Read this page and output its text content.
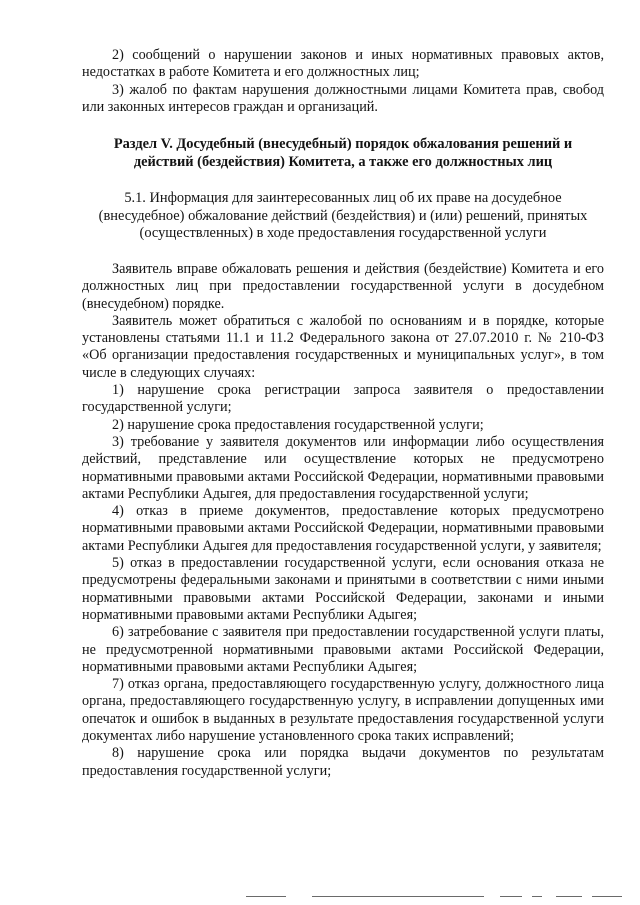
2) сообщений о нарушении законов и иных нормативных правовых актов, недостатках в работе Комитета и его должностных лиц;

3) жалоб по фактам нарушения должностными лицами Комитета прав, свобод или законных интересов граждан и организаций.

Раздел V. Досудебный (внесудебный) порядок обжалования решений и действий (бездействия) Комитета, а также его должностных лиц

5.1. Информация для заинтересованных лиц об их праве на досудебное (внесудебное) обжалование действий (бездействия) и (или) решений, принятых (осуществленных) в ходе предоставления государственной услуги

Заявитель вправе обжаловать решения и действия (бездействие) Комитета и его должностных лиц при предоставлении государственной услуги в досудебном (внесудебном) порядке.

Заявитель может обратиться с жалобой по основаниям и в порядке, которые установлены статьями 11.1 и 11.2 Федерального закона от 27.07.2010 г. № 210-ФЗ «Об организации предоставления государственных и муниципальных услуг», в том числе в следующих случаях:

1) нарушение срока регистрации запроса заявителя о предоставлении государственной услуги;

2) нарушение срока предоставления государственной услуги;

3) требование у заявителя документов или информации либо осуществления действий, представление или осуществление которых не предусмотрено нормативными правовыми актами Российской Федерации, нормативными правовыми актами Республики Адыгея, для предоставления государственной услуги;

4) отказ в приеме документов, предоставление которых предусмотрено нормативными правовыми актами Российской Федерации, нормативными правовыми актами Республики Адыгея для предоставления государственной услуги, у заявителя;

5) отказ в предоставлении государственной услуги, если основания отказа не предусмотрены федеральными законами и принятыми в соответствии с ними иными нормативными правовыми актами Российской Федерации, законами и иными нормативными правовыми актами Республики Адыгея;

6) затребование с заявителя при предоставлении государственной услуги платы, не предусмотренной нормативными правовыми актами Российской Федерации, нормативными правовыми актами Республики Адыгея;

7) отказ органа, предоставляющего государственную услугу, должностного лица органа, предоставляющего государственную услугу, в исправлении допущенных ими опечаток и ошибок в выданных в результате предоставления государственной услуги документах либо нарушение установленного срока таких исправлений;

8) нарушение срока или порядка выдачи документов по результатам предоставления государственной услуги;
